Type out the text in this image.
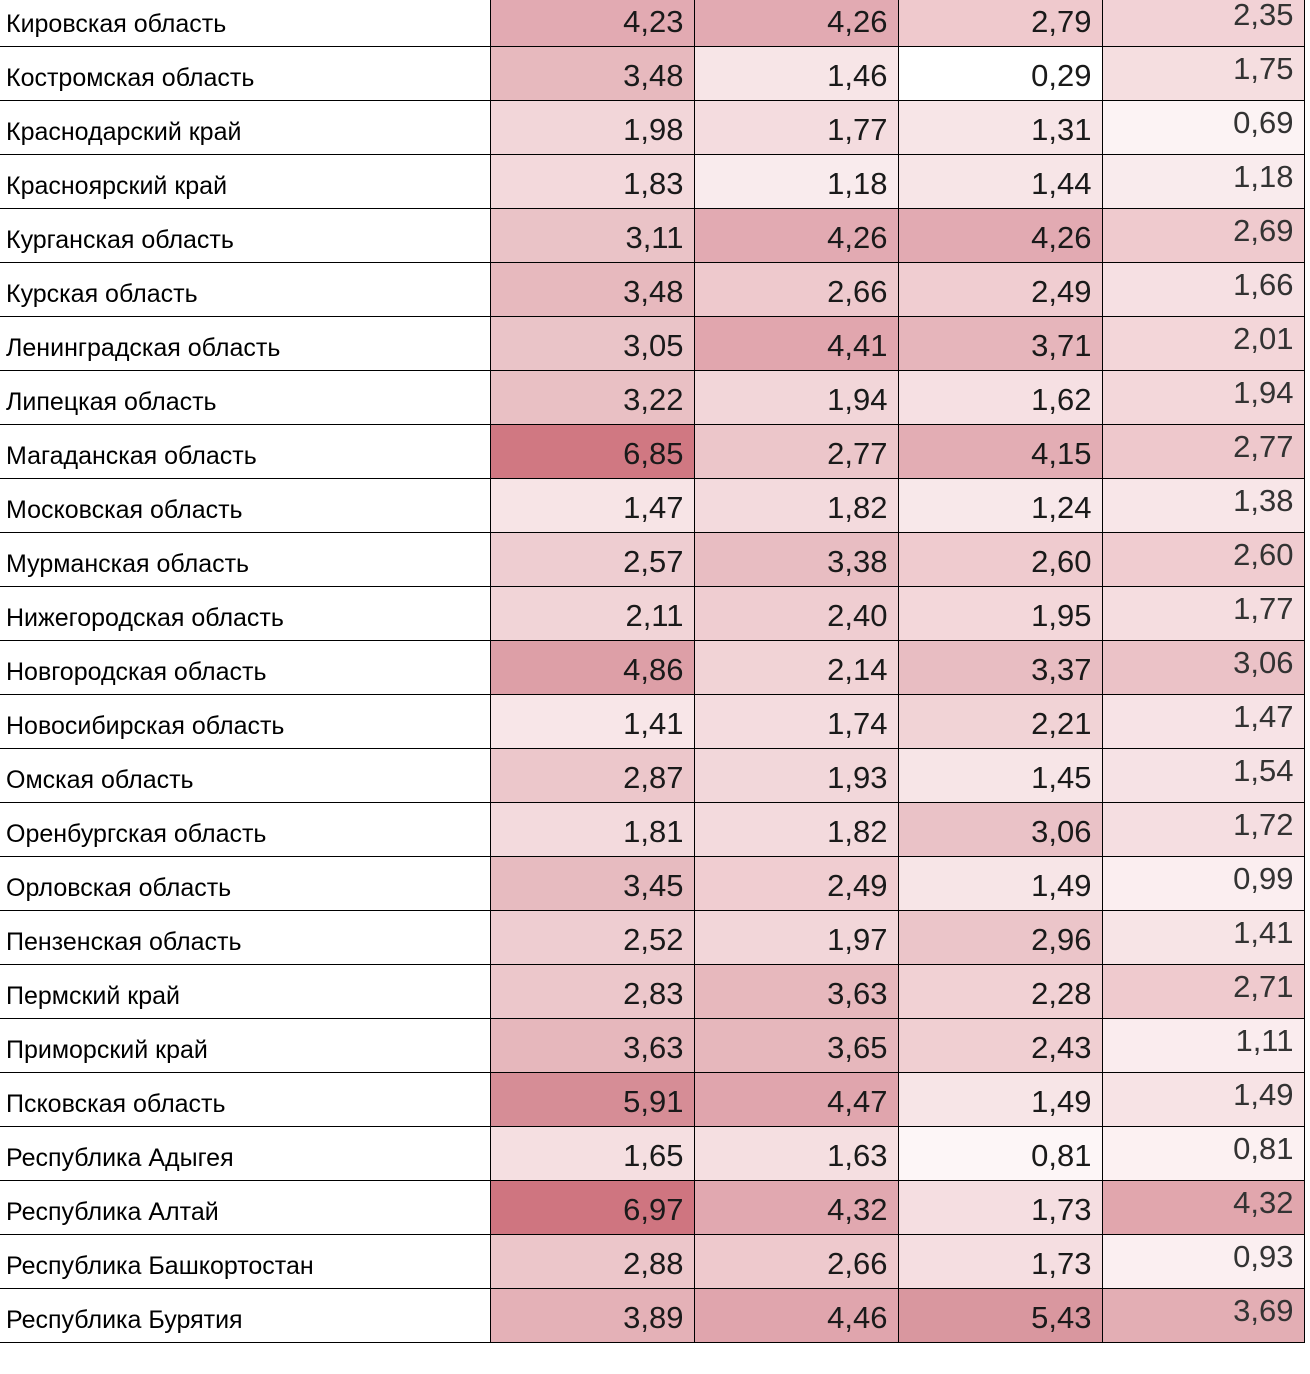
Кировская область	4,23	4,26	2,79	2,35
Костромская область	3,48	1,46	0,29	1,75
Краснодарский край	1,98	1,77	1,31	0,69
Красноярский край	1,83	1,18	1,44	1,18
Курганская область	3,11	4,26	4,26	2,69
Курская область	3,48	2,66	2,49	1,66
Ленинградская область	3,05	4,41	3,71	2,01
Липецкая область	3,22	1,94	1,62	1,94
Магаданская область	6,85	2,77	4,15	2,77
Московская область	1,47	1,82	1,24	1,38
Мурманская область	2,57	3,38	2,60	2,60
Нижегородская область	2,11	2,40	1,95	1,77
Новгородская область	4,86	2,14	3,37	3,06
Новосибирская область	1,41	1,74	2,21	1,47
Омская область	2,87	1,93	1,45	1,54
Оренбургская область	1,81	1,82	3,06	1,72
Орловская область	3,45	2,49	1,49	0,99
Пензенская область	2,52	1,97	2,96	1,41
Пермский край	2,83	3,63	2,28	2,71
Приморский край	3,63	3,65	2,43	1,11
Псковская область	5,91	4,47	1,49	1,49
Республика Адыгея	1,65	1,63	0,81	0,81
Республика Алтай	6,97	4,32	1,73	4,32
Республика Башкортостан	2,88	2,66	1,73	0,93
Республика Бурятия	3,89	4,46	5,43	3,69
